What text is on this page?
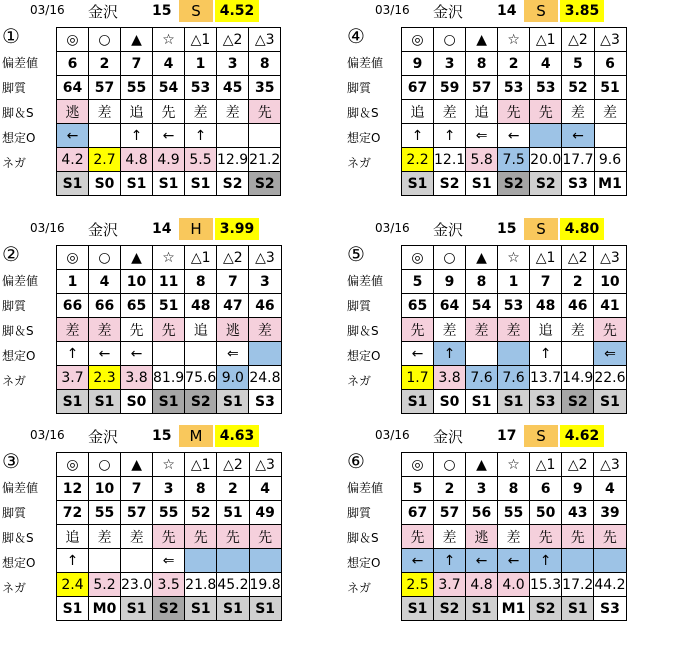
03/16 金沢 15	S	4.52
①
偏差値
脚質
脚＆S
想定O
ネガ
◎	○	▲	☆	△1	△2	△3
6	2	7	4	1	3	8
64	57	55	54	53	45	35
逃	差	追	先	差	差	先
←		↑	←	↑		
4.2	2.7	4.8	4.9	5.5	12.9	21.2
S1	S0	S1	S1	S1	S2	S2
03/16 金沢 14	S	3.85
④
偏差値
脚質
脚＆S
想定O
ネガ
◎	○	▲	☆	△1	△2	△3
9	3	8	2	4	5	6
67	59	57	53	53	52	51
追	差	追	先	先	差	差
↑	↑	⇐	←		←	
2.2	12.1	5.8	7.5	20.0	17.7	9.6
S1	S2	S1	S2	S2	S3	M1
03/16 金沢 14	H	3.99
②
偏差値
脚質
脚＆S
想定O
ネガ
◎	○	▲	☆	△1	△2	△3
1	4	10	11	8	7	3
66	66	65	51	48	47	46
差	差	先	先	追	逃	差
↑	←	←			⇐	
3.7	2.3	3.8	81.9	75.6	9.0	24.8
S1	S1	S0	S1	S2	S1	S3
03/16 金沢 15	S	4.80
⑤
偏差値
脚質
脚＆S
想定O
ネガ
◎	○	▲	☆	△1	△2	△3
5	9	8	1	7	2	10
65	64	54	53	48	46	41
先	差	差	差	追	差	先
←	↑			↑		⇐
1.7	3.8	7.6	7.6	13.7	14.9	22.6
S1	S0	S1	S1	S3	S2	S1
03/16 金沢 15	M	4.63
③
偏差値
脚質
脚＆S
想定O
ネガ
◎	○	▲	☆	△1	△2	△3
12	10	7	3	8	2	4
72	55	57	55	52	51	49
追	差	差	先	先	先	先
↑			⇐			
2.4	5.2	23.0	3.5	21.8	45.2	19.8
S1	M0	S1	S2	S1	S1	S1
03/16 金沢 17	S	4.62
⑥
偏差値
脚質
脚＆S
想定O
ネガ
◎	○	▲	☆	△1	△2	△3
5	2	3	8	6	9	4
67	57	56	55	50	43	39
先	差	逃	差	先	先	先
←	↑	←	←	↑		
2.5	3.7	4.8	4.0	15.3	17.2	44.2
S1	S2	S1	M1	S2	S1	S3
